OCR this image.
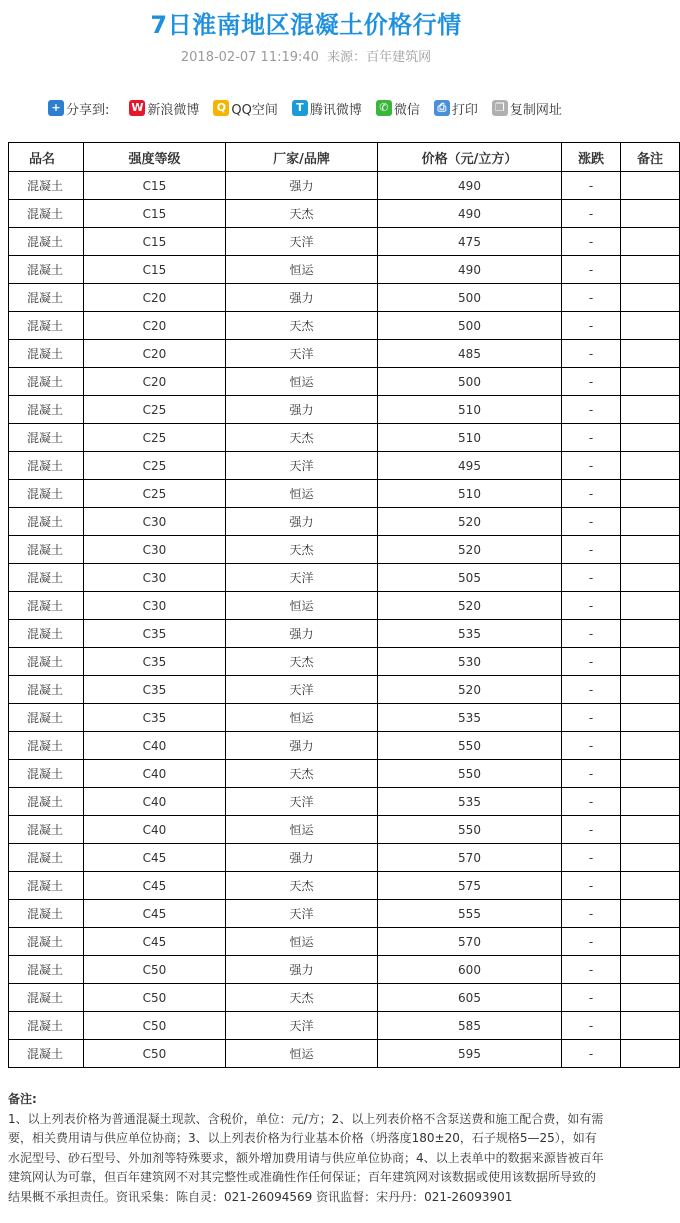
7日淮南地区混凝土价格行情
2018-02-07 11:19:40 来源：百年建筑网
+ 分享到: W 新浪微博	Q QQ空间	T 腾讯微博	✆ 微信	⎙ 打印 ❐ 复制网址
品名	强度等级	厂家/品牌	价格（元/立方）	涨跌	备注
混凝土	C15	强力	490	-	
混凝土	C15	天杰	490	-	
混凝土	C15	天洋	475	-	
混凝土	C15	恒运	490	-	
混凝土	C20	强力	500	-	
混凝土	C20	天杰	500	-	
混凝土	C20	天洋	485	-	
混凝土	C20	恒运	500	-	
混凝土	C25	强力	510	-	
混凝土	C25	天杰	510	-	
混凝土	C25	天洋	495	-	
混凝土	C25	恒运	510	-	
混凝土	C30	强力	520	-	
混凝土	C30	天杰	520	-	
混凝土	C30	天洋	505	-	
混凝土	C30	恒运	520	-	
混凝土	C35	强力	535	-	
混凝土	C35	天杰	530	-	
混凝土	C35	天洋	520	-	
混凝土	C35	恒运	535	-	
混凝土	C40	强力	550	-	
混凝土	C40	天杰	550	-	
混凝土	C40	天洋	535	-	
混凝土	C40	恒运	550	-	
混凝土	C45	强力	570	-	
混凝土	C45	天杰	575	-	
混凝土	C45	天洋	555	-	
混凝土	C45	恒运	570	-	
混凝土	C50	强力	600	-	
混凝土	C50	天杰	605	-	
混凝土	C50	天洋	585	-	
混凝土	C50	恒运	595	-	
备注:
1、以上列表价格为普通混凝土现款、含税价，单位：元/方；2、以上列表价格不含泵送费和施工配合费，如有需要，相关费用请与供应单位协商；3、以上列表价格为行业基本价格（坍落度180±20，石子规格5—25），如有水泥型号、砂石型号、外加剂等特殊要求，额外增加费用请与供应单位协商；4、以上表单中的数据来源皆被百年建筑网认为可靠，但百年建筑网不对其完整性或准确性作任何保证；百年建筑网对该数据或使用该数据所导致的结果概不承担责任。资讯采集：陈自灵：021-26094569 资讯监督：宋丹丹：021-26093901
